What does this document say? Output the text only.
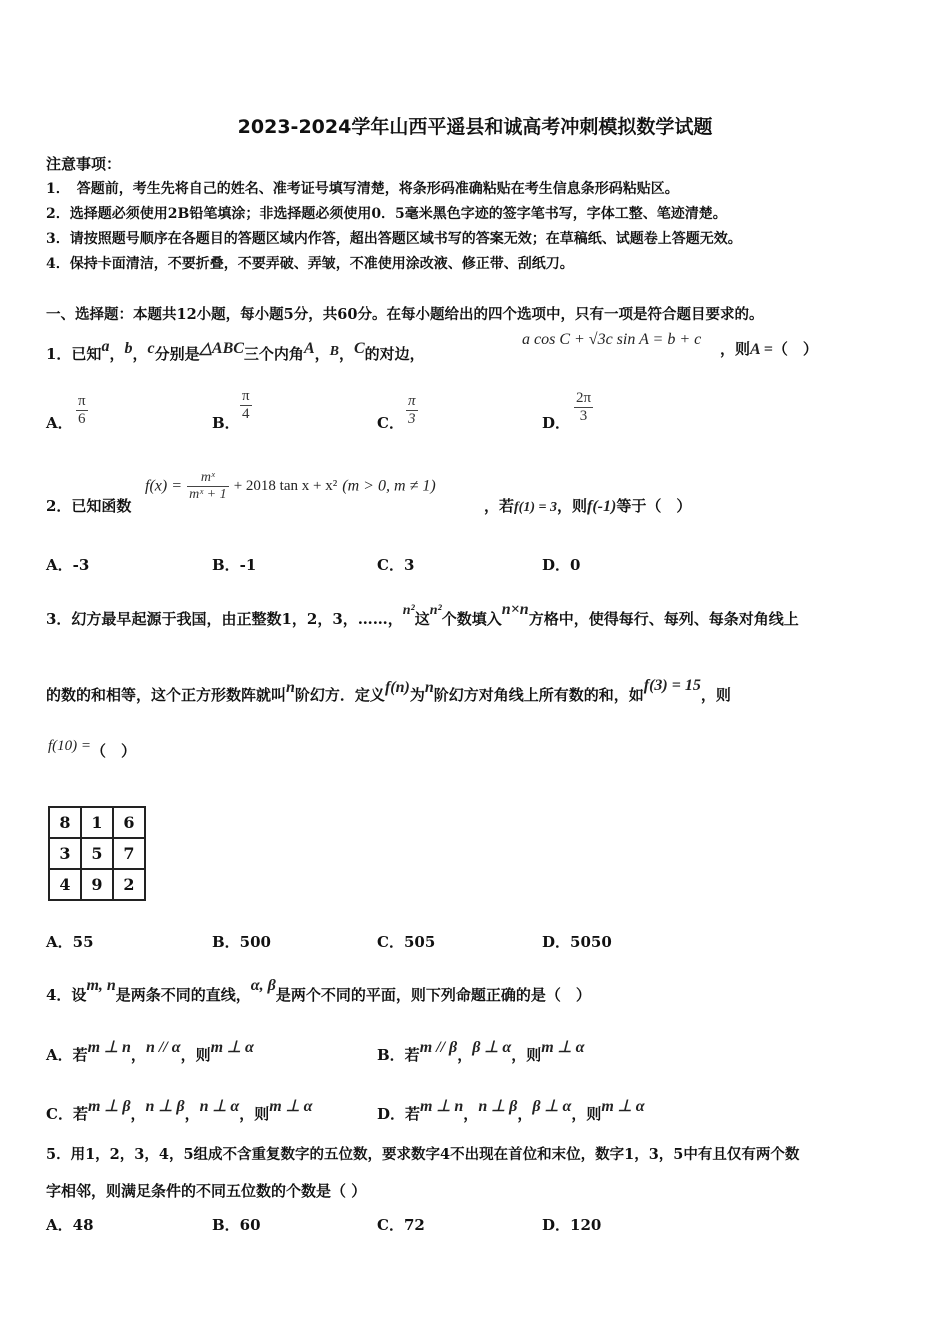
2023-2024学年山西平遥县和诚高考冲刺模拟数学试题
注意事项：
1．　答题前，考生先将自己的姓名、准考证号填写清楚，将条形码准确粘贴在考生信息条形码粘贴区。
2．选择题必须使用2B铅笔填涂；非选择题必须使用0．5毫米黑色字迹的签字笔书写，字体工整、笔迹清楚。
3．请按照题号顺序在各题目的答题区域内作答，超出答题区域书写的答案无效；在草稿纸、试题卷上答题无效。
4．保持卡面清洁，不要折叠，不要弄破、弄皱，不准使用涂改液、修正带、刮纸刀。
一、选择题：本题共12小题，每小题5分，共60分。在每小题给出的四个选项中，只有一项是符合题目要求的。
1．已知a，b，c分别是△ABC三个内角A，B，C的对边，
a cos C + √3c sin A = b + c
，则A =（　）
A． $\frac{\pi}{6}$	B． $\frac{\pi}{4}$	C． $\frac{\pi}{3}$	D． $\frac{2\pi}{3}$
2．已知函数
$f(x) = \frac{\text{mˣ}}{\text{mˣ + 1}} + 2018$ tan x + x² (m > 0, m ≠ 1)
，若f(1) = 3，则f(-1)等于（　）
A．-3	B．-1	C．3	D．0
3．幻方最早起源于我国，由正整数1，2，3，……，n²这n²个数填入n×n方格中，使得每行、每列、每条对角线上
的数的和相等，这个正方形数阵就叫n阶幻方．定义f(n)为n阶幻方对角线上所有数的和，如f(3) = 15，则
f(10) =（　）
8	1	6
3	5	7
4	9	2
A．55	B．500	C．505	D．5050
4．设m, n是两条不同的直线，α, β是两个不同的平面，则下列命题正确的是（　）
A．若m ⊥ n，n // α，则m ⊥ α	B．若m // β，β ⊥ α，则m ⊥ α
C．若m ⊥ β，n ⊥ β，n ⊥ α，则m ⊥ α	D．若m ⊥ n，n ⊥ β，β ⊥ α，则m ⊥ α
5．用1，2，3，4，5组成不含重复数字的五位数，要求数字4不出现在首位和末位，数字1，3，5中有且仅有两个数
字相邻，则满足条件的不同五位数的个数是（ ）
A．48	B．60	C．72	D．120
